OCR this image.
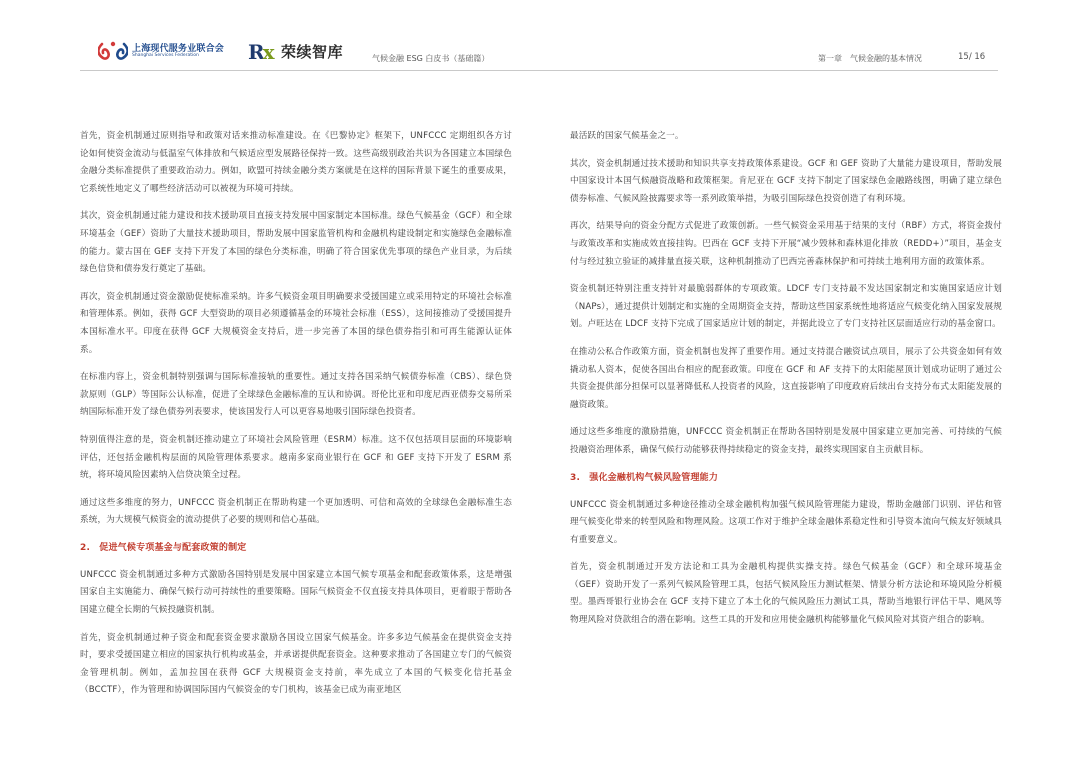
上海现代服务业联合会
Shanghai Services Federation Rx 荣续智库	气候金融 ESG 白皮书（基础篇）	第一章　气候金融的基本情况	15/ 16

首先，资金机制通过原则指导和政策对话来推动标准建设。在《巴黎协定》框架下，UNFCCC 定期组织各方讨论如何使资金流动与低温室气体排放和气候适应型发展路径保持一致。这些高级别政治共识为各国建立本国绿色金融分类标准提供了重要政治动力。例如，欧盟可持续金融分类方案就是在这样的国际背景下诞生的重要成果，它系统性地定义了哪些经济活动可以被视为环境可持续。

其次，资金机制通过能力建设和技术援助项目直接支持发展中国家制定本国标准。绿色气候基金（GCF）和全球环境基金（GEF）资助了大量技术援助项目，帮助发展中国家监管机构和金融机构建设制定和实施绿色金融标准的能力。蒙古国在 GEF 支持下开发了本国的绿色分类标准，明确了符合国家优先事项的绿色产业目录，为后续绿色信贷和债券发行奠定了基础。

再次，资金机制通过资金激励促使标准采纳。许多气候资金项目明确要求受援国建立或采用特定的环境社会标准和管理体系。例如，获得 GCF 大型资助的项目必须遵循基金的环境社会标准（ESS），这间接推动了受援国提升本国标准水平。印度在获得 GCF 大规模资金支持后，进一步完善了本国的绿色债券指引和可再生能源认证体系。

在标准内容上，资金机制特别强调与国际标准接轨的重要性。通过支持各国采纳气候债券标准（CBS）、绿色贷款原则（GLP）等国际公认标准，促进了全球绿色金融标准的互认和协调。哥伦比亚和印度尼西亚债券交易所采纳国际标准开发了绿色债券列表要求，使该国发行人可以更容易地吸引国际绿色投资者。

特别值得注意的是，资金机制还推动建立了环境社会风险管理（ESRM）标准。这不仅包括项目层面的环境影响评估，还包括金融机构层面的风险管理体系要求。越南多家商业银行在 GCF 和 GEF 支持下开发了 ESRM 系统，将环境风险因素纳入信贷决策全过程。

通过这些多维度的努力，UNFCCC 资金机制正在帮助构建一个更加透明、可信和高效的全球绿色金融标准生态系统，为大规模气候资金的流动提供了必要的规则和信心基础。

2.　促进气候专项基金与配套政策的制定

UNFCCC 资金机制通过多种方式激励各国特别是发展中国家建立本国气候专项基金和配套政策体系，这是增强国家自主实施能力、确保气候行动可持续性的重要策略。国际气候资金不仅直接支持具体项目，更着眼于帮助各国建立健全长期的气候投融资机制。

首先，资金机制通过种子资金和配套资金要求激励各国设立国家气候基金。许多多边气候基金在提供资金支持时，要求受援国建立相应的国家执行机构或基金，并承诺提供配套资金。这种要求推动了各国建立专门的气候资金管理机制。例如，孟加拉国在获得 GCF 大规模资金支持前，率先成立了本国的气候变化信托基金（BCCTF），作为管理和协调国际国内气候资金的专门机构，该基金已成为南亚地区

最活跃的国家气候基金之一。

其次，资金机制通过技术援助和知识共享支持政策体系建设。GCF 和 GEF 资助了大量能力建设项目，帮助发展中国家设计本国气候融资战略和政策框架。肯尼亚在 GCF 支持下制定了国家绿色金融路线图，明确了建立绿色债券标准、气候风险披露要求等一系列政策举措，为吸引国际绿色投资创造了有利环境。

再次，结果导向的资金分配方式促进了政策创新。一些气候资金采用基于结果的支付（RBF）方式，将资金拨付与政策改革和实施成效直接挂钩。巴西在 GCF 支持下开展“减少毁林和森林退化排放（REDD+）”项目，基金支付与经过独立验证的减排量直接关联，这种机制推动了巴西完善森林保护和可持续土地利用方面的政策体系。

资金机制还特别注重支持针对最脆弱群体的专项政策。LDCF 专门支持最不发达国家制定和实施国家适应计划（NAPs），通过提供计划制定和实施的全周期资金支持，帮助这些国家系统性地将适应气候变化纳入国家发展规划。卢旺达在 LDCF 支持下完成了国家适应计划的制定，并据此设立了专门支持社区层面适应行动的基金窗口。

在推动公私合作政策方面，资金机制也发挥了重要作用。通过支持混合融资试点项目，展示了公共资金如何有效撬动私人资本，促使各国出台相应的配套政策。印度在 GCF 和 AF 支持下的太阳能屋顶计划成功证明了通过公共资金提供部分担保可以显著降低私人投资者的风险，这直接影响了印度政府后续出台支持分布式太阳能发展的融资政策。

通过这些多维度的激励措施，UNFCCC 资金机制正在帮助各国特别是发展中国家建立更加完善、可持续的气候投融资治理体系，确保气候行动能够获得持续稳定的资金支持，最终实现国家自主贡献目标。

3.　强化金融机构气候风险管理能力

UNFCCC 资金机制通过多种途径推动全球金融机构加强气候风险管理能力建设，帮助金融部门识别、评估和管理气候变化带来的转型风险和物理风险。这项工作对于维护全球金融体系稳定性和引导资本流向气候友好领域具有重要意义。

首先，资金机制通过开发方法论和工具为金融机构提供实操支持。绿色气候基金（GCF）和全球环境基金（GEF）资助开发了一系列气候风险管理工具，包括气候风险压力测试框架、情景分析方法论和环境风险分析模型。墨西哥银行业协会在 GCF 支持下建立了本土化的气候风险压力测试工具，帮助当地银行评估干旱、飓风等物理风险对贷款组合的潜在影响。这些工具的开发和应用使金融机构能够量化气候风险对其资产组合的影响。
